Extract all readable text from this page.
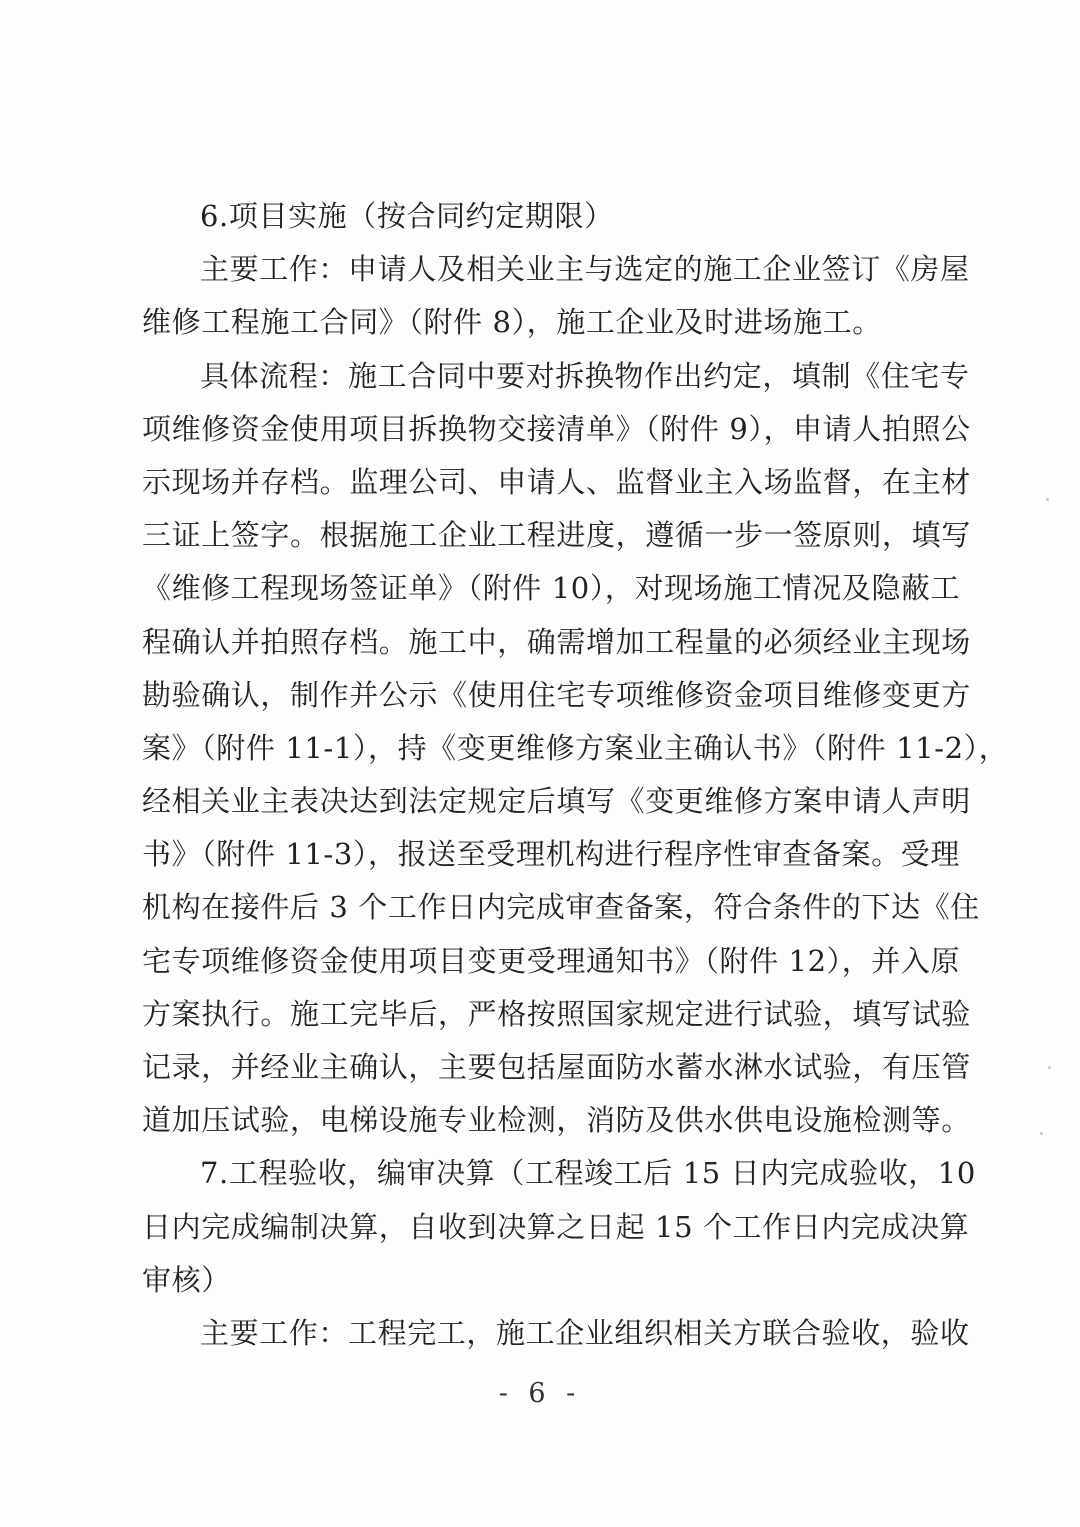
6.项目实施（按合同约定期限）
主要工作：申请人及相关业主与选定的施工企业签订《房屋
维修工程施工合同》（附件 8），施工企业及时进场施工。
具体流程：施工合同中要对拆换物作出约定，填制《住宅专
项维修资金使用项目拆换物交接清单》（附件 9），申请人拍照公
示现场并存档。监理公司、申请人、监督业主入场监督，在主材
三证上签字。根据施工企业工程进度，遵循一步一签原则，填写
《维修工程现场签证单》（附件 10），对现场施工情况及隐蔽工
程确认并拍照存档。施工中，确需增加工程量的必须经业主现场
勘验确认，制作并公示《使用住宅专项维修资金项目维修变更方
案》（附件 11-1），持《变更维修方案业主确认书》（附件 11-2），
经相关业主表决达到法定规定后填写《变更维修方案申请人声明
书》（附件 11-3），报送至受理机构进行程序性审查备案。受理
机构在接件后 3 个工作日内完成审查备案，符合条件的下达《住
宅专项维修资金使用项目变更受理通知书》（附件 12），并入原
方案执行。施工完毕后，严格按照国家规定进行试验，填写试验
记录，并经业主确认，主要包括屋面防水蓄水淋水试验，有压管
道加压试验，电梯设施专业检测，消防及供水供电设施检测等。
7.工程验收，编审决算（工程竣工后 15 日内完成验收，10
日内完成编制决算，自收到决算之日起 15 个工作日内完成决算
审核）
主要工作：工程完工，施工企业组织相关方联合验收，验收
- 6 -
